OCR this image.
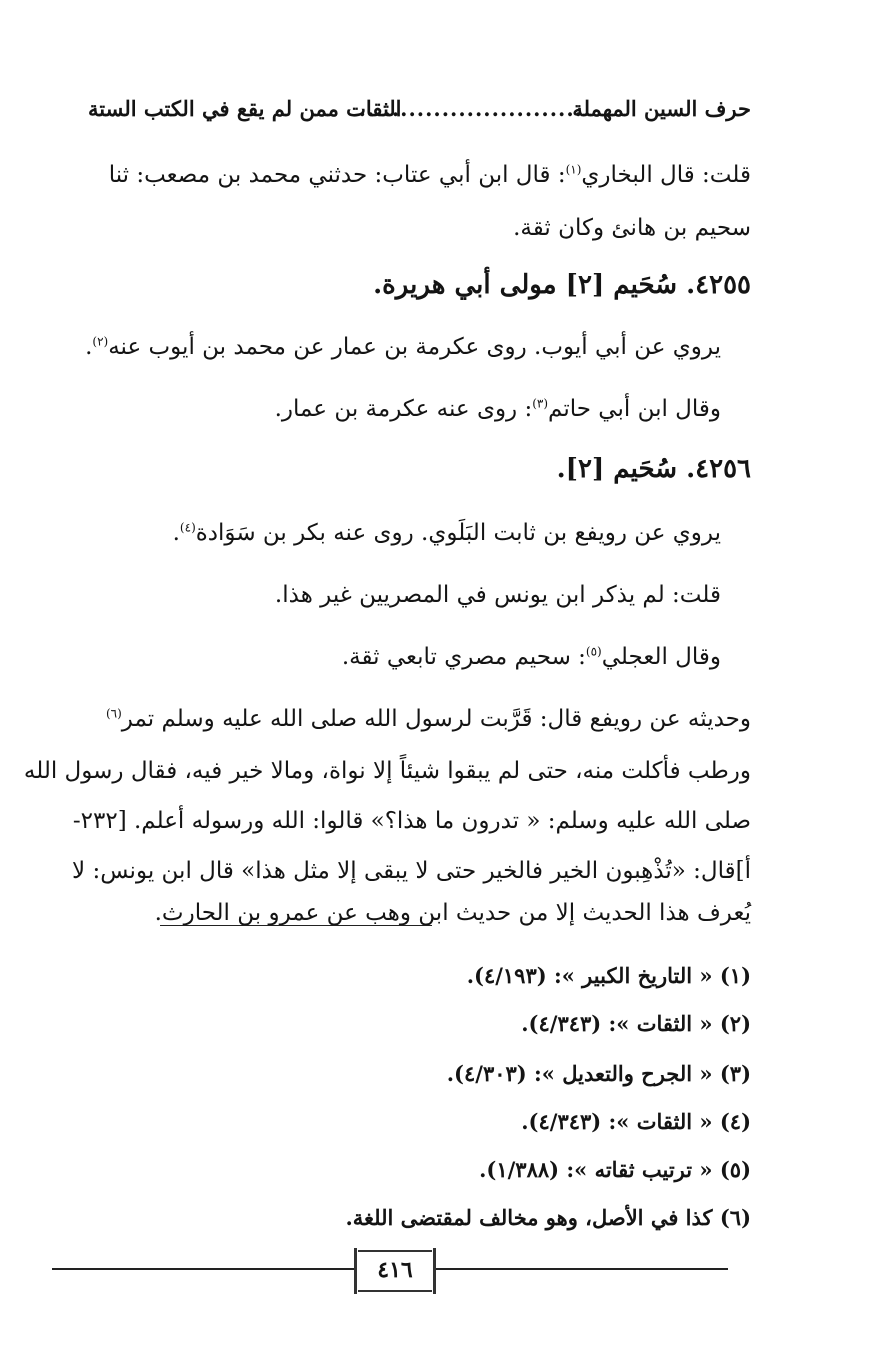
حرف السين المهملة
...........................
الثقات ممن لم يقع في الكتب الستة
قلت: قال البخاري$^{(١)}$: قال ابن أبي عتاب: حدثني محمد بن مصعب: ثنا
سحيم بن هانئ وكان ثقة.
٤٢٥٥. سُحَيم [٢] مولى أبي هريرة.
يروي عن أبي أيوب. روى عكرمة بن عمار عن محمد بن أيوب عنه$^{(٢)}$.
وقال ابن أبي حاتم$^{(٣)}$: روى عنه عكرمة بن عمار.
٤٢٥٦. سُحَيم [٢].
يروي عن رويفع بن ثابت البَلَوي. روى عنه بكر بن سَوَادة$^{(٤)}$.
قلت: لم يذكر ابن يونس في المصريين غير هذا.
وقال العجلي$^{(٥)}$: سحيم مصري تابعي ثقة.
وحديثه عن رويفع قال: قَرَّبت لرسول الله صلى الله عليه وسلم تمر$^{(٦)}$
ورطب فأكلت منه، حتى لم يبقوا شيئاً إلا نواة، ومالا خير فيه، فقال رسول الله
صلى الله عليه وسلم: « تدرون ما هذا؟» قالوا: الله ورسوله أعلم. [٢٣٢-
أ]قال: «تُذْهِبون الخير فالخير حتى لا يبقى إلا مثل هذا» قال ابن يونس: لا
يُعرف هذا الحديث إلا من حديث ابن وهب عن عمرو بن الحارث.
(١) « التاريخ الكبير »: (٤/١٩٣).
(٢) « الثقات »: (٤/٣٤٣).
(٣) « الجرح والتعديل »: (٤/٣٠٣).
(٤) « الثقات »: (٤/٣٤٣).
(٥) « ترتيب ثقاته »: (١/٣٨٨).
(٦) كذا في الأصل، وهو مخالف لمقتضى اللغة.
٤١٦
